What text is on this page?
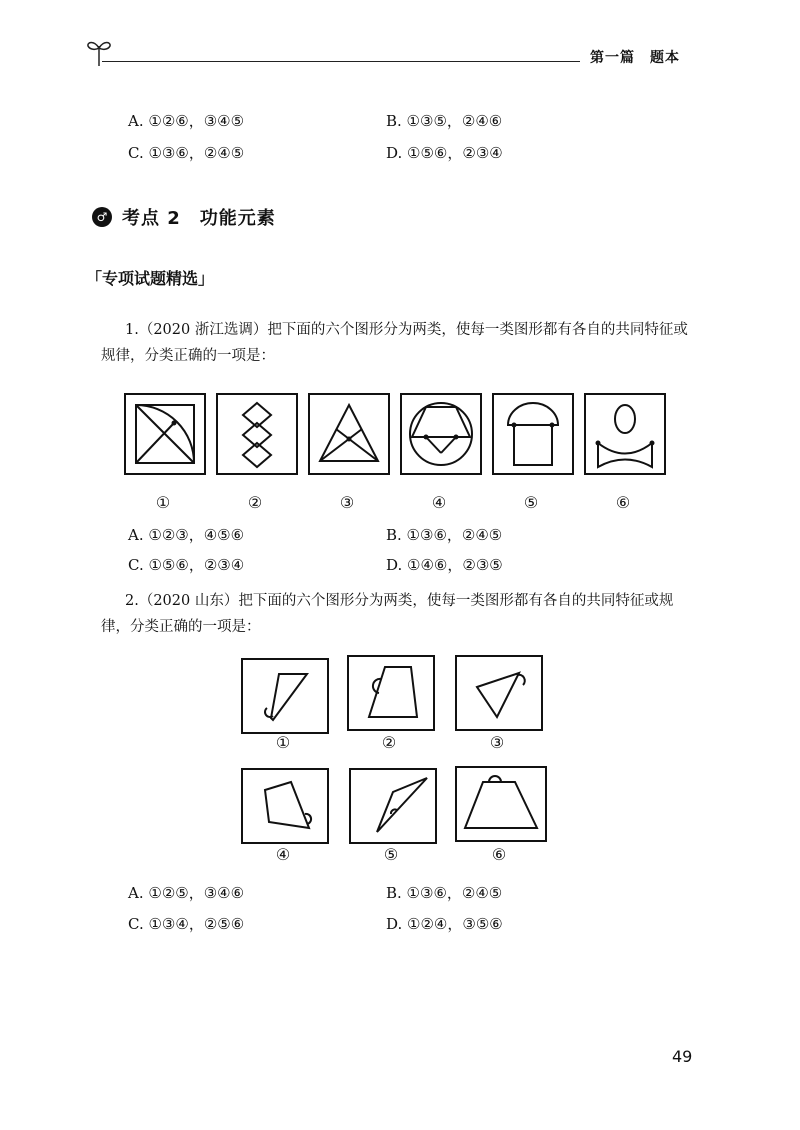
第一篇　题本
A. ①②⑥，③④⑤	B. ①③⑤，②④⑥
C. ①③⑥，②④⑤	D. ①⑤⑥，②③④
♂ 考点 2　功能元素
「专项试题精选」
1.（2020 浙江选调）把下面的六个图形分为两类，使每一类图形都有各自的共同特征或规律，分类正确的一项是：
①	②	③	④	⑤	⑥
A. ①②③，④⑤⑥	B. ①③⑥，②④⑤
C. ①⑤⑥，②③④	D. ①④⑥，②③⑤
2.（2020 山东）把下面的六个图形分为两类，使每一类图形都有各自的共同特征或规律，分类正确的一项是：
①	②	③
④	⑤	⑥
A. ①②⑤，③④⑥	B. ①③⑥，②④⑤
C. ①③④，②⑤⑥	D. ①②④，③⑤⑥
49
